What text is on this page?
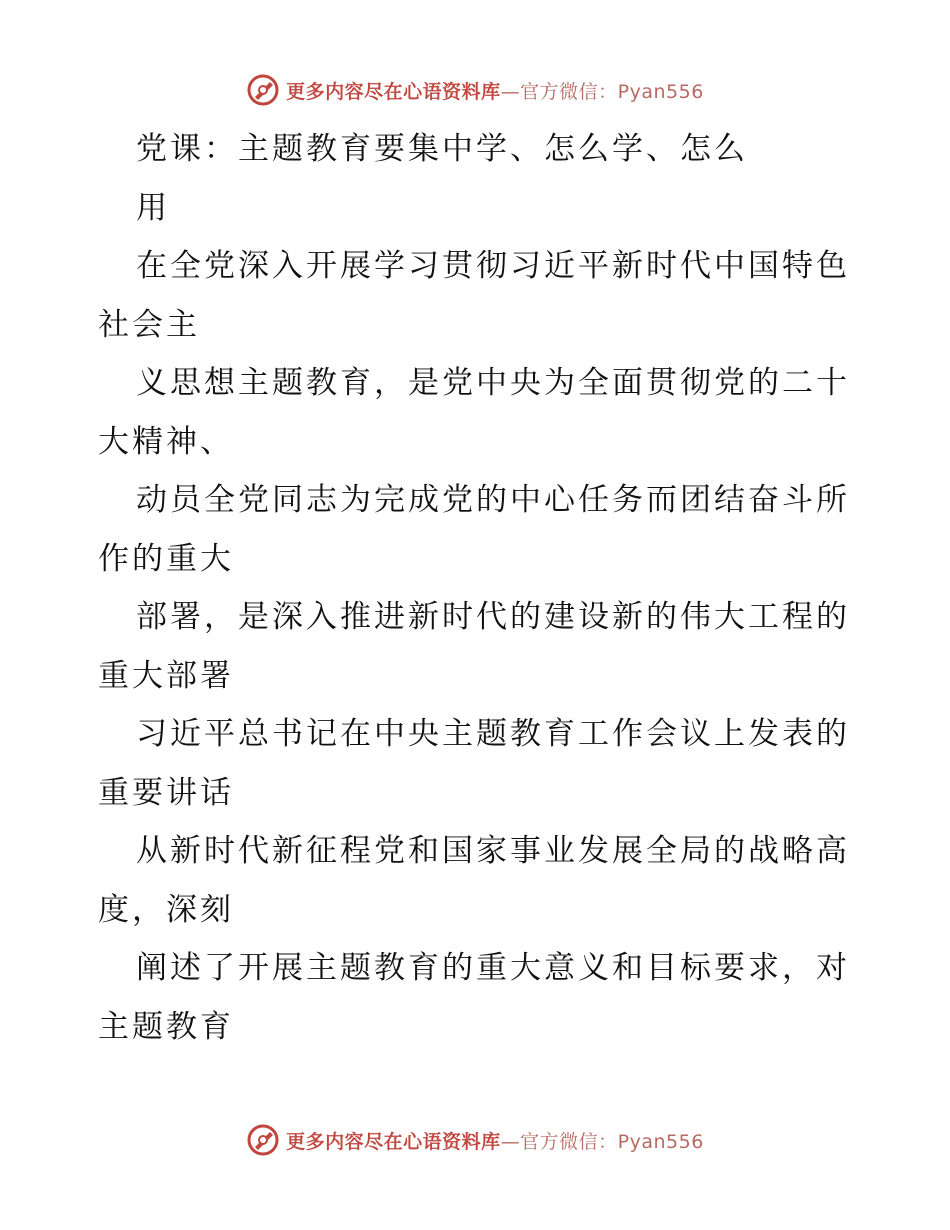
更多内容尽在心语资料库—官方微信：Pyan556
党课：主题教育要集中学、怎么学、怎么
用
在全党深入开展学习贯彻习近平新时代中国特色
社会主
义思想主题教育，是党中央为全面贯彻党的二十
大精神、
动员全党同志为完成党的中心任务而团结奋斗所
作的重大
部署，是深入推进新时代的建设新的伟大工程的
重大部署
习近平总书记在中央主题教育工作会议上发表的
重要讲话
从新时代新征程党和国家事业发展全局的战略高
度，深刻
阐述了开展主题教育的重大意义和目标要求，对
主题教育
更多内容尽在心语资料库—官方微信：Pyan556
